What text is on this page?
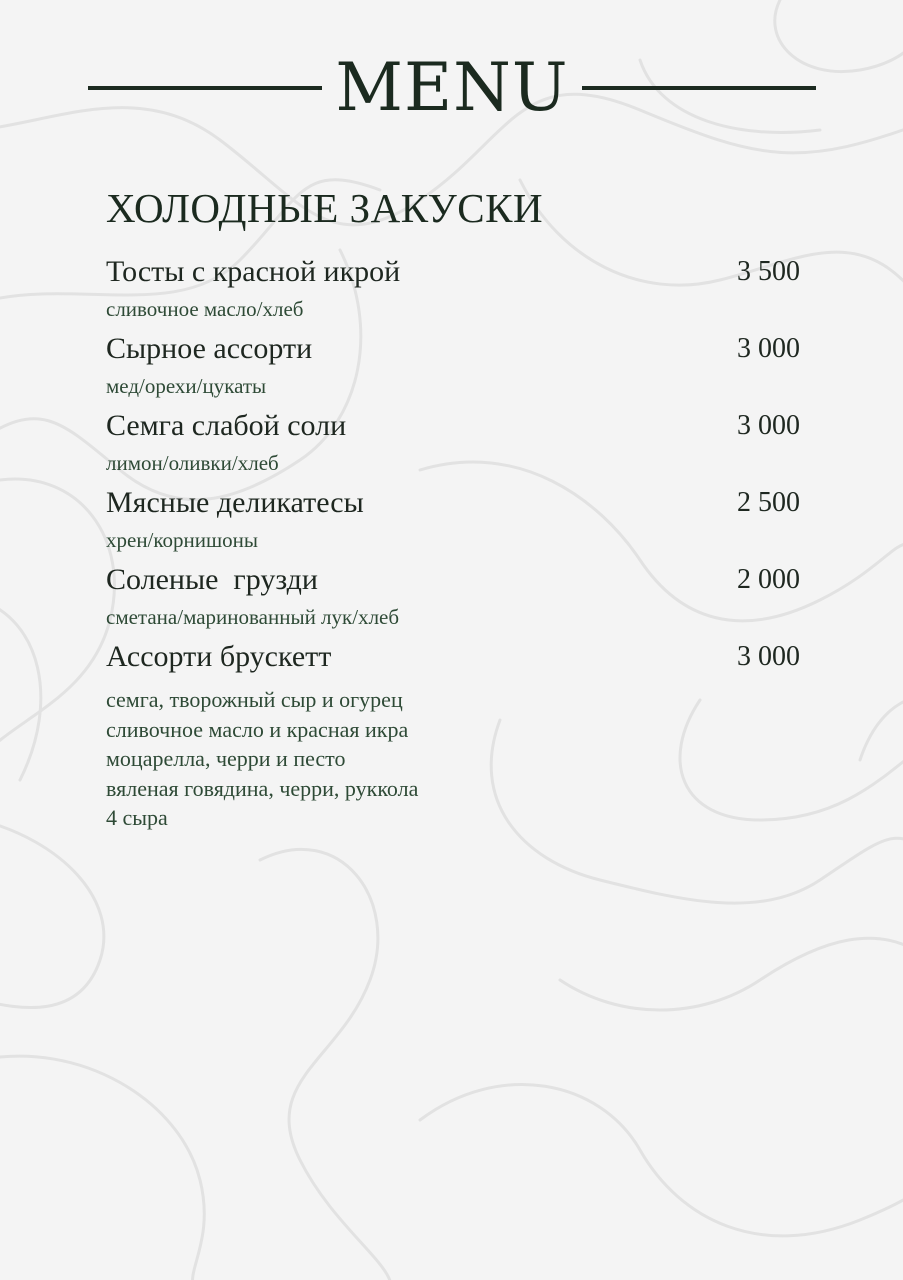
MENU
ХОЛОДНЫЕ ЗАКУСКИ
Тосты с красной икрой	3 500
сливочное масло/хлеб
Сырное ассорти	3 000
мед/орехи/цукаты
Семга слабой соли	3 000
лимон/оливки/хлеб
Мясные деликатесы	2 500
хрен/корнишоны
Соленые  грузди	2 000
сметана/маринованный лук/хлеб
Ассорти брускетт	3 000
семга, творожный сыр и огурец
сливочное масло и красная икра
моцарелла, черри и песто
вяленая говядина, черри, руккола
4 сыра
